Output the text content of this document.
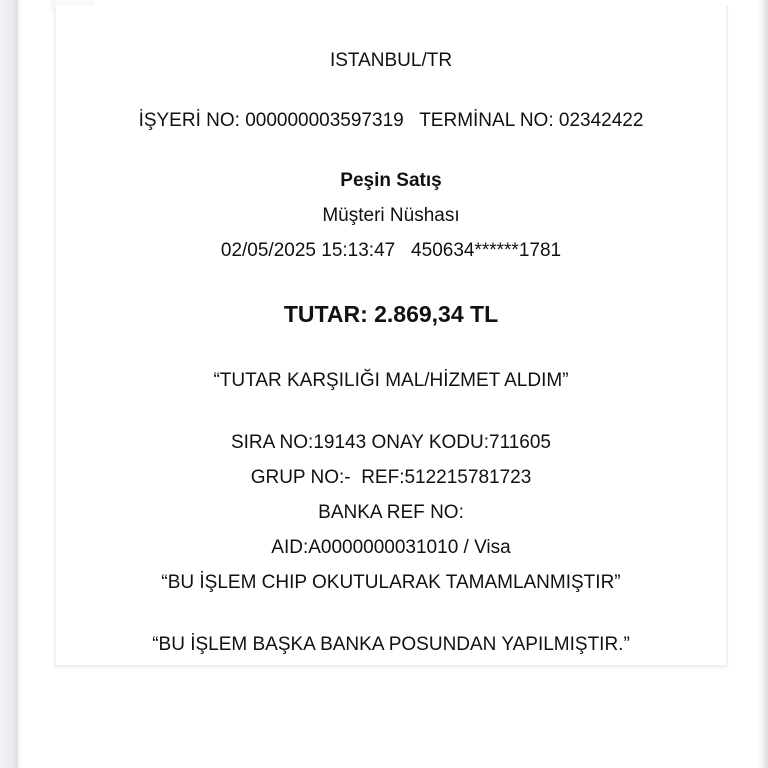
ISTANBUL/TR
İŞYERİ NO: 000000003597319   TERMİNAL NO: 02342422
Peşin Satış
Müşteri Nüshası
02/05/2025 15:13:47   450634******1781
TUTAR: 2.869,34 TL
“TUTAR KARŞILIĞI MAL/HİZMET ALDIM”
SIRA NO:19143 ONAY KODU:711605
GRUP NO:-  REF:512215781723
BANKA REF NO:
AID:A0000000031010 / Visa
“BU İŞLEM CHIP OKUTULARAK TAMAMLANMIŞTIR”
“BU İŞLEM BAŞKA BANKA POSUNDAN YAPILMIŞTIR.”
